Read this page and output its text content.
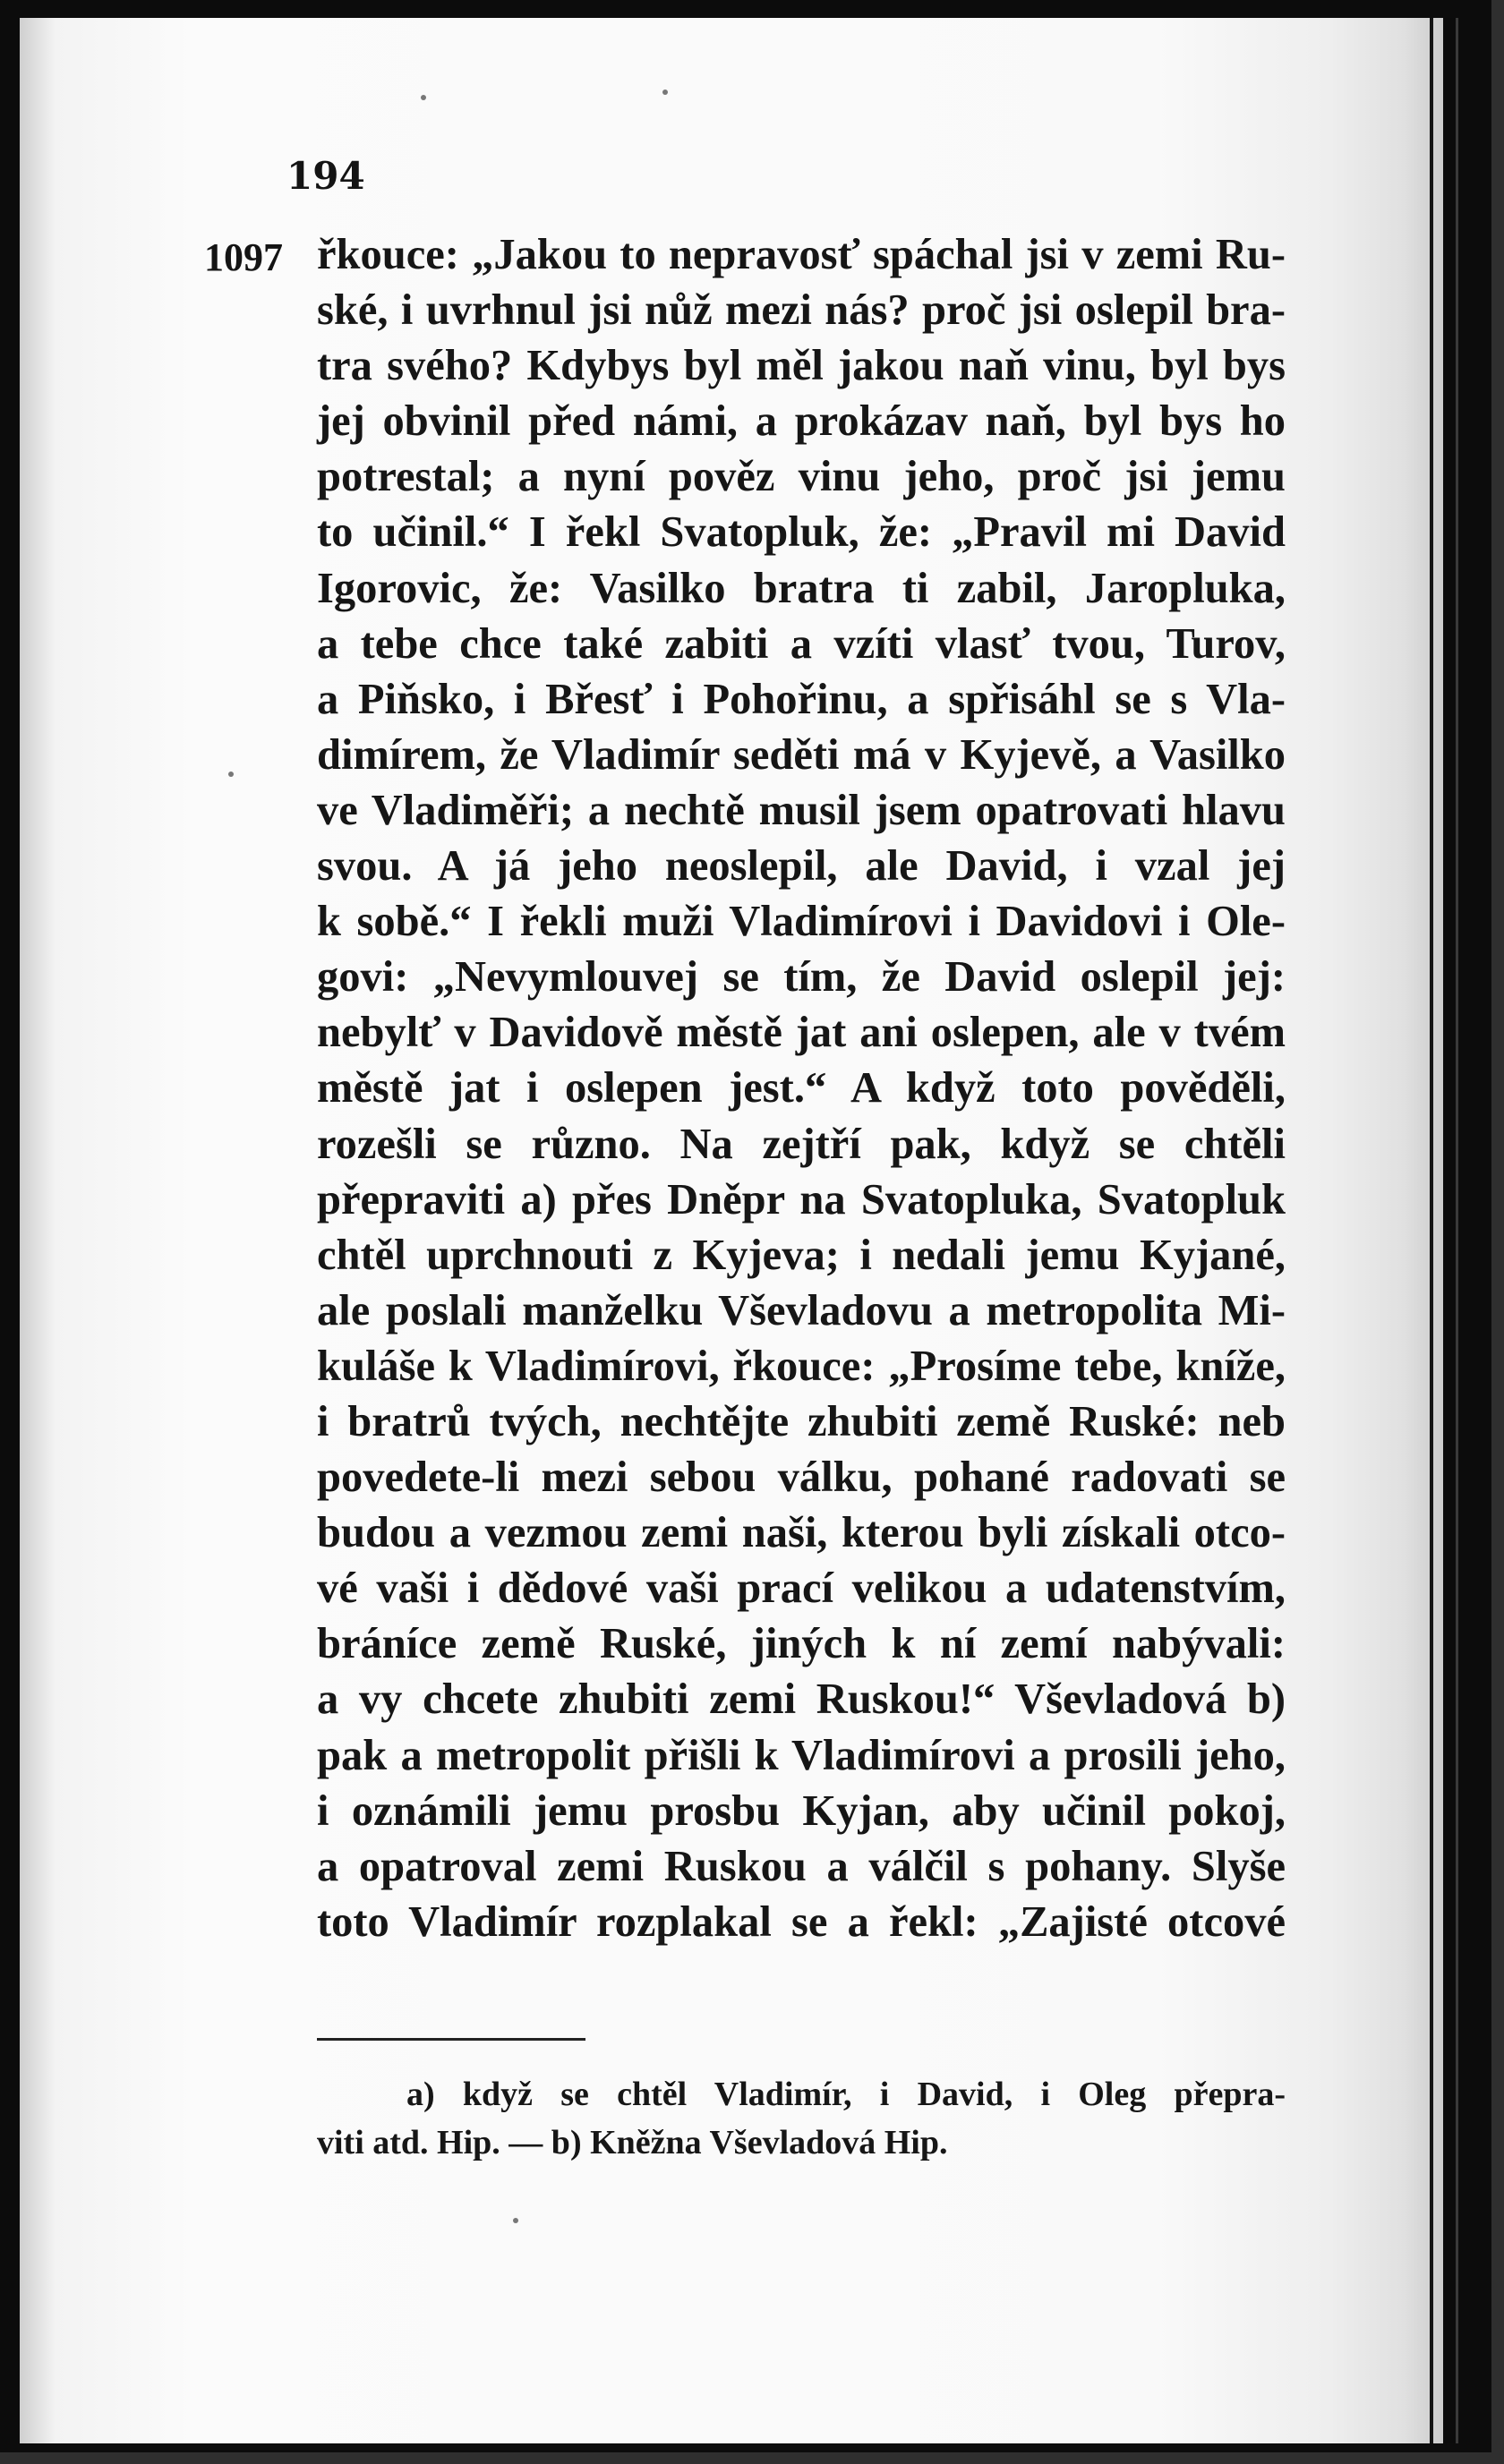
194
1097 řkouce: „Jakou to nepravosť spáchal jsi v zemi Ru-
ské, i uvrhnul jsi nůž mezi nás? proč jsi oslepil bra-
tra svého? Kdybys byl měl jakou naň vinu, byl bys
jej obvinil před námi, a prokázav naň, byl bys ho
potrestal; a nyní pověz vinu jeho, proč jsi jemu
to učinil.“ I řekl Svatopluk, že: „Pravil mi David
Igorovic, že: Vasilko bratra ti zabil, Jaropluka,
a tebe chce také zabiti a vzíti vlasť tvou, Turov,
a Piňsko, i Břesť i Pohořinu, a spřisáhl se s Vla-
dimírem, že Vladimír seděti má v Kyjevě, a Vasilko
ve Vladiměři; a nechtě musil jsem opatrovati hlavu
svou. A já jeho neoslepil, ale David, i vzal jej
k sobě.“ I řekli muži Vladimírovi i Davidovi i Ole-
govi: „Nevymlouvej se tím, že David oslepil jej:
nebylť v Davidově městě jat ani oslepen, ale v tvém
městě jat i oslepen jest.“ A když toto pověděli,
rozešli se různo. Na zejtří pak, když se chtěli
přepraviti a) přes Dněpr na Svatopluka, Svatopluk
chtěl uprchnouti z Kyjeva; i nedali jemu Kyjané,
ale poslali manželku Vševladovu a metropolita Mi-
kuláše k Vladimírovi, řkouce: „Prosíme tebe, kníže,
i bratrů tvých, nechtějte zhubiti země Ruské: neb
povedete-li mezi sebou válku, pohané radovati se
budou a vezmou zemi naši, kterou byli získali otco-
vé vaši i dědové vaši prací velikou a udatenstvím,
bráníce země Ruské, jiných k ní zemí nabývali:
a vy chcete zhubiti zemi Ruskou!“ Vševladová b)
pak a metropolit přišli k Vladimírovi a prosili jeho,
i oznámili jemu prosbu Kyjan, aby učinil pokoj,
a opatroval zemi Ruskou a válčil s pohany. Slyše
toto Vladimír rozplakal se a řekl: „Zajisté otcové
a) když se chtěl Vladimír, i David, i Oleg přepra-
viti atd. Hip. — b) Kněžna Vševladová Hip.
